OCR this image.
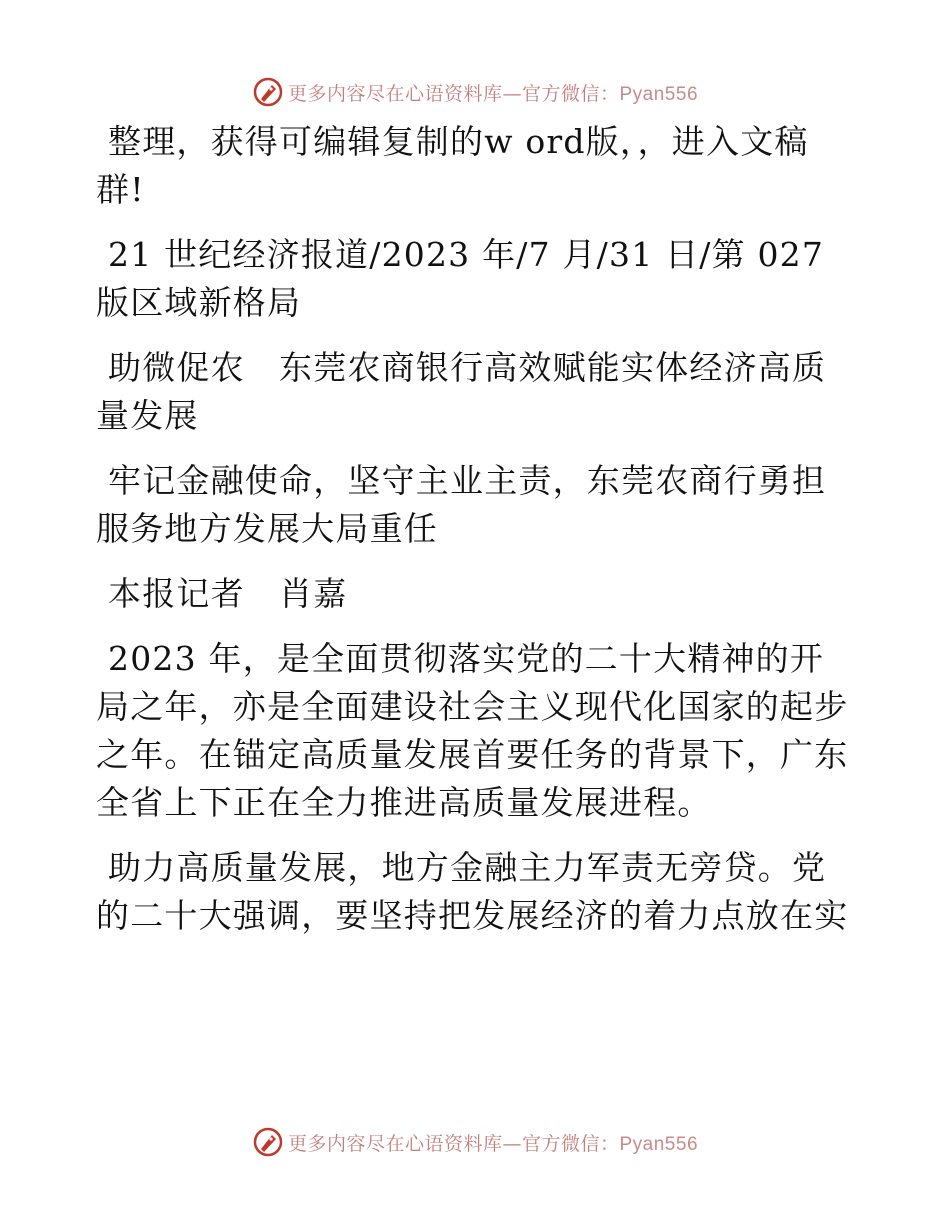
更多内容尽在心语资料库—官方微信：Pyan556

整理，获得可编辑复制的w ord版，，进入文稿群!

21 世纪经济报道/2023 年/7 月/31 日/第 027 版区域新格局

助微促农　东莞农商银行高效赋能实体经济高质量发展

牢记金融使命，坚守主业主责，东莞农商行勇担服务地方发展大局重任

本报记者　肖嘉

2023 年，是全面贯彻落实党的二十大精神的开局之年，亦是全面建设社会主义现代化国家的起步之年。在锚定高质量发展首要任务的背景下，广东全省上下正在全力推进高质量发展进程。

助力高质量发展，地方金融主力军责无旁贷。党的二十大强调，要坚持把发展经济的着力点放在实

更多内容尽在心语资料库—官方微信：Pyan556
